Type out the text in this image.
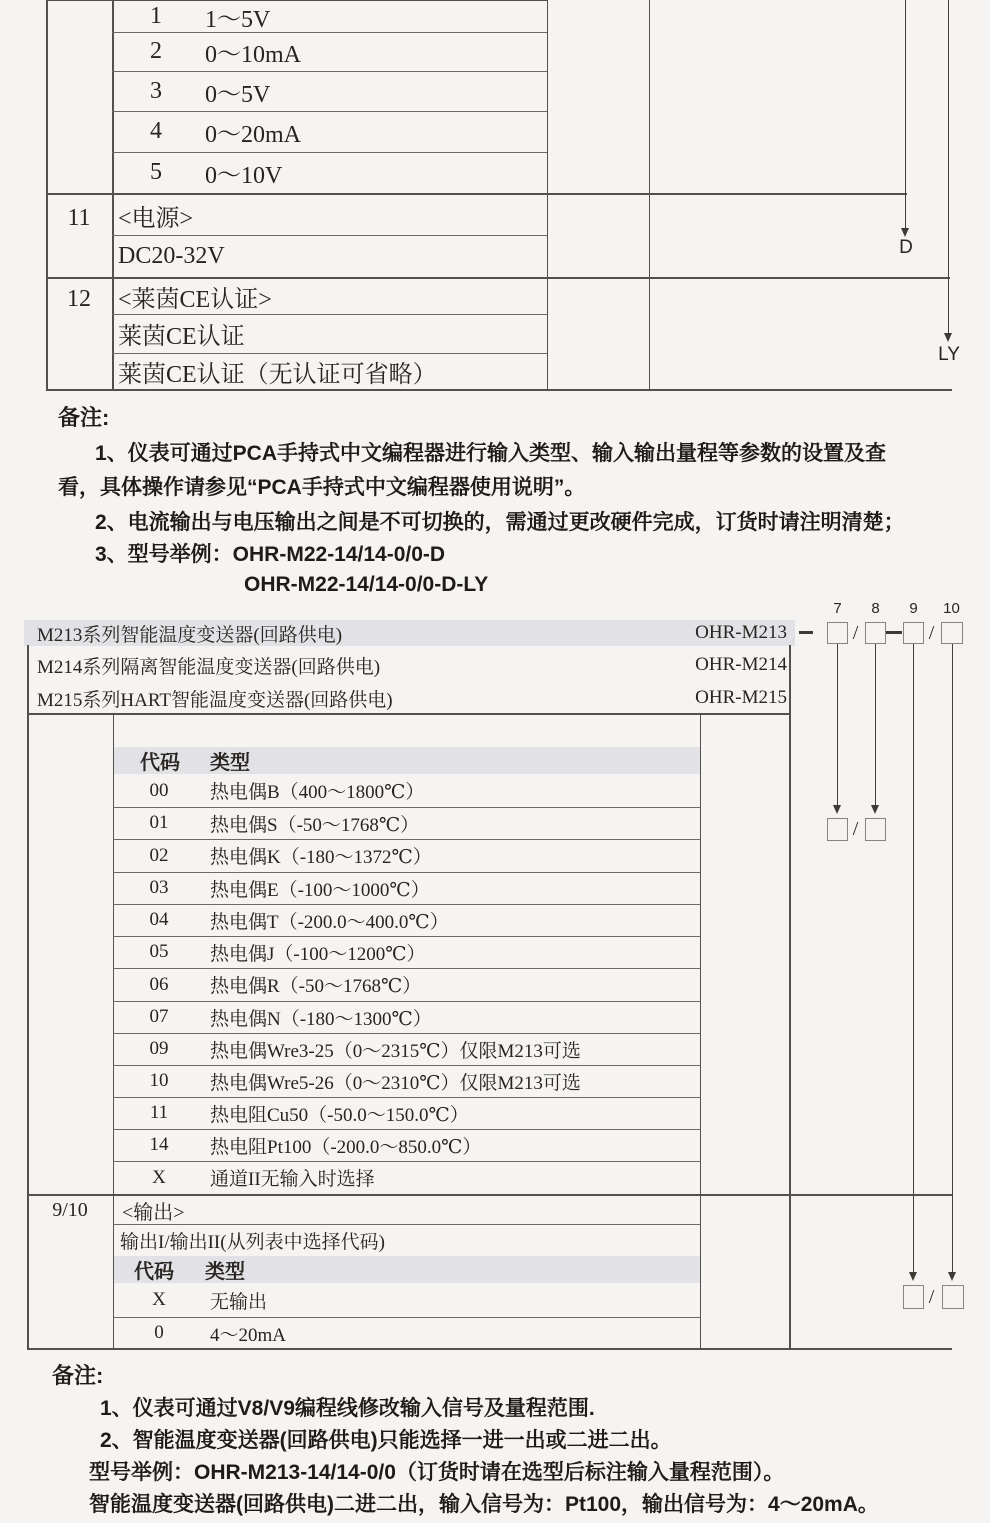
1	1～5V
2	0～10mA
3	0～5V
4	0～20mA
5	0～10V
11	<电源>
DC20-32V
12	<莱茵CE认证>
莱茵CE认证
莱茵CE认证（无认证可省略）
D
LY
备注:
1、仪表可通过PCA手持式中文编程器进行输入类型、输入输出量程等参数的设置及查
看，具体操作请参见“PCA手持式中文编程器使用说明”。
2、电流输出与电压输出之间是不可切换的，需通过更改硬件完成，订货时请注明清楚；
3、型号举例：OHR-M22-14/14-0/0-D
OHR-M22-14/14-0/0-D-LY
7	8	9	10
M213系列智能温度变送器(回路供电)	OHR-M213
M214系列隔离智能温度变送器(回路供电)	OHR-M214
M215系列HART智能温度变送器(回路供电)	OHR-M215
/	/
/
/
代码 类型
00	热电偶B（400～1800℃）
01	热电偶S（-50～1768℃）
02	热电偶K（-180～1372℃）
03	热电偶E（-100～1000℃）
04	热电偶T（-200.0～400.0℃）
05	热电偶J（-100～1200℃）
06	热电偶R（-50～1768℃）
07	热电偶N（-180～1300℃）
09	热电偶Wre3-25（0～2315℃）仅限M213可选
10	热电偶Wre5-26（0～2310℃）仅限M213可选
11	热电阻Cu50（-50.0～150.0℃）
14	热电阻Pt100（-200.0～850.0℃）
X	通道II无输入时选择
9/10	<输出>
输出I/输出II(从列表中选择代码)
代码 类型
X	无输出
0	4～20mA
备注:
1、仪表可通过V8/V9编程线修改输入信号及量程范围.
2、智能温度变送器(回路供电)只能选择一进一出或二进二出。
型号举例：OHR-M213-14/14-0/0（订货时请在选型后标注输入量程范围）。
智能温度变送器(回路供电)二进二出，输入信号为：Pt100，输出信号为：4～20mA。
